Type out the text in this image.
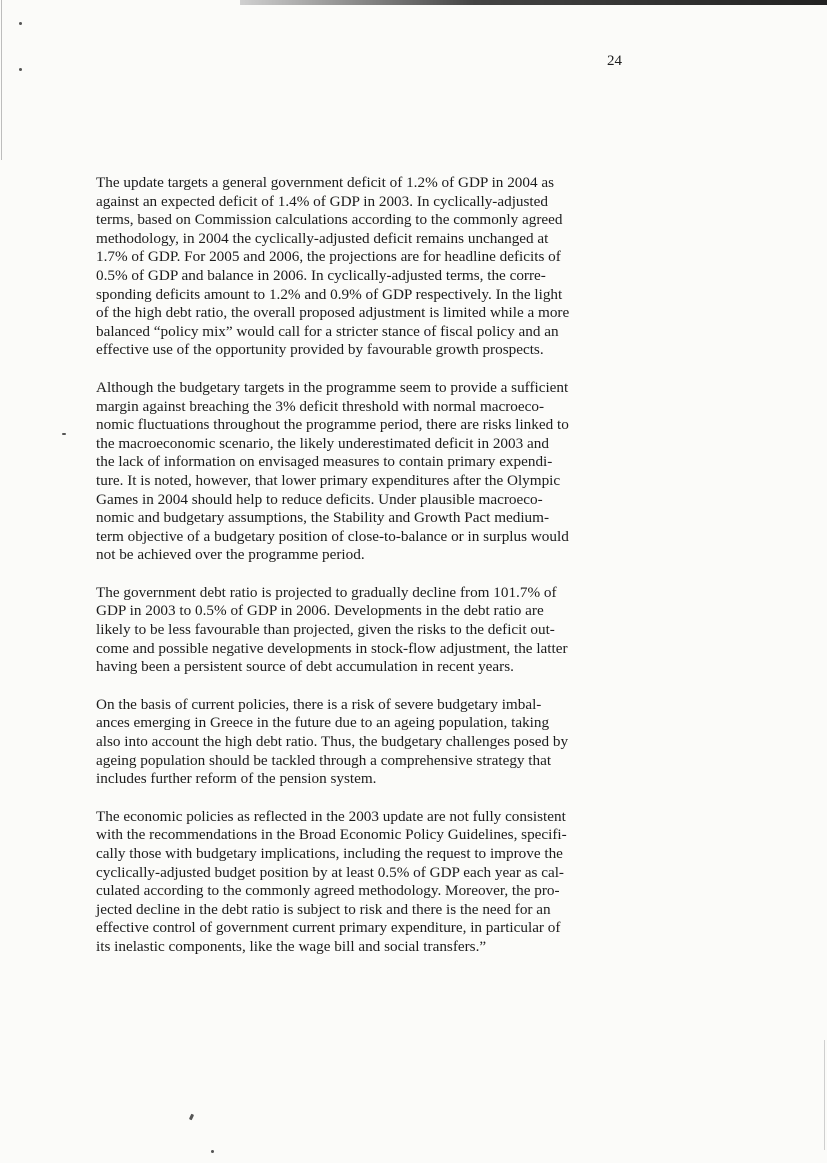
24

The update targets a general government deficit of 1.2% of GDP in 2004 as
against an expected deficit of 1.4% of GDP in 2003. In cyclically-adjusted
terms, based on Commission calculations according to the commonly agreed
methodology, in 2004 the cyclically-adjusted deficit remains unchanged at
1.7% of GDP. For 2005 and 2006, the projections are for headline deficits of
0.5% of GDP and balance in 2006. In cyclically-adjusted terms, the corre-
sponding deficits amount to 1.2% and 0.9% of GDP respectively. In the light
of the high debt ratio, the overall proposed adjustment is limited while a more
balanced “policy mix” would call for a stricter stance of fiscal policy and an
effective use of the opportunity provided by favourable growth prospects.

Although the budgetary targets in the programme seem to provide a sufficient
margin against breaching the 3% deficit threshold with normal macroeco-
nomic fluctuations throughout the programme period, there are risks linked to
the macroeconomic scenario, the likely underestimated deficit in 2003 and
the lack of information on envisaged measures to contain primary expendi-
ture. It is noted, however, that lower primary expenditures after the Olympic
Games in 2004 should help to reduce deficits. Under plausible macroeco-
nomic and budgetary assumptions, the Stability and Growth Pact medium-
term objective of a budgetary position of close-to-balance or in surplus would
not be achieved over the programme period.

The government debt ratio is projected to gradually decline from 101.7% of
GDP in 2003 to 0.5% of GDP in 2006. Developments in the debt ratio are
likely to be less favourable than projected, given the risks to the deficit out-
come and possible negative developments in stock-flow adjustment, the latter
having been a persistent source of debt accumulation in recent years.

On the basis of current policies, there is a risk of severe budgetary imbal-
ances emerging in Greece in the future due to an ageing population, taking
also into account the high debt ratio. Thus, the budgetary challenges posed by
ageing population should be tackled through a comprehensive strategy that
includes further reform of the pension system.

The economic policies as reflected in the 2003 update are not fully consistent
with the recommendations in the Broad Economic Policy Guidelines, specifi-
cally those with budgetary implications, including the request to improve the
cyclically-adjusted budget position by at least 0.5% of GDP each year as cal-
culated according to the commonly agreed methodology. Moreover, the pro-
jected decline in the debt ratio is subject to risk and there is the need for an
effective control of government current primary expenditure, in particular of
its inelastic components, like the wage bill and social transfers.”
